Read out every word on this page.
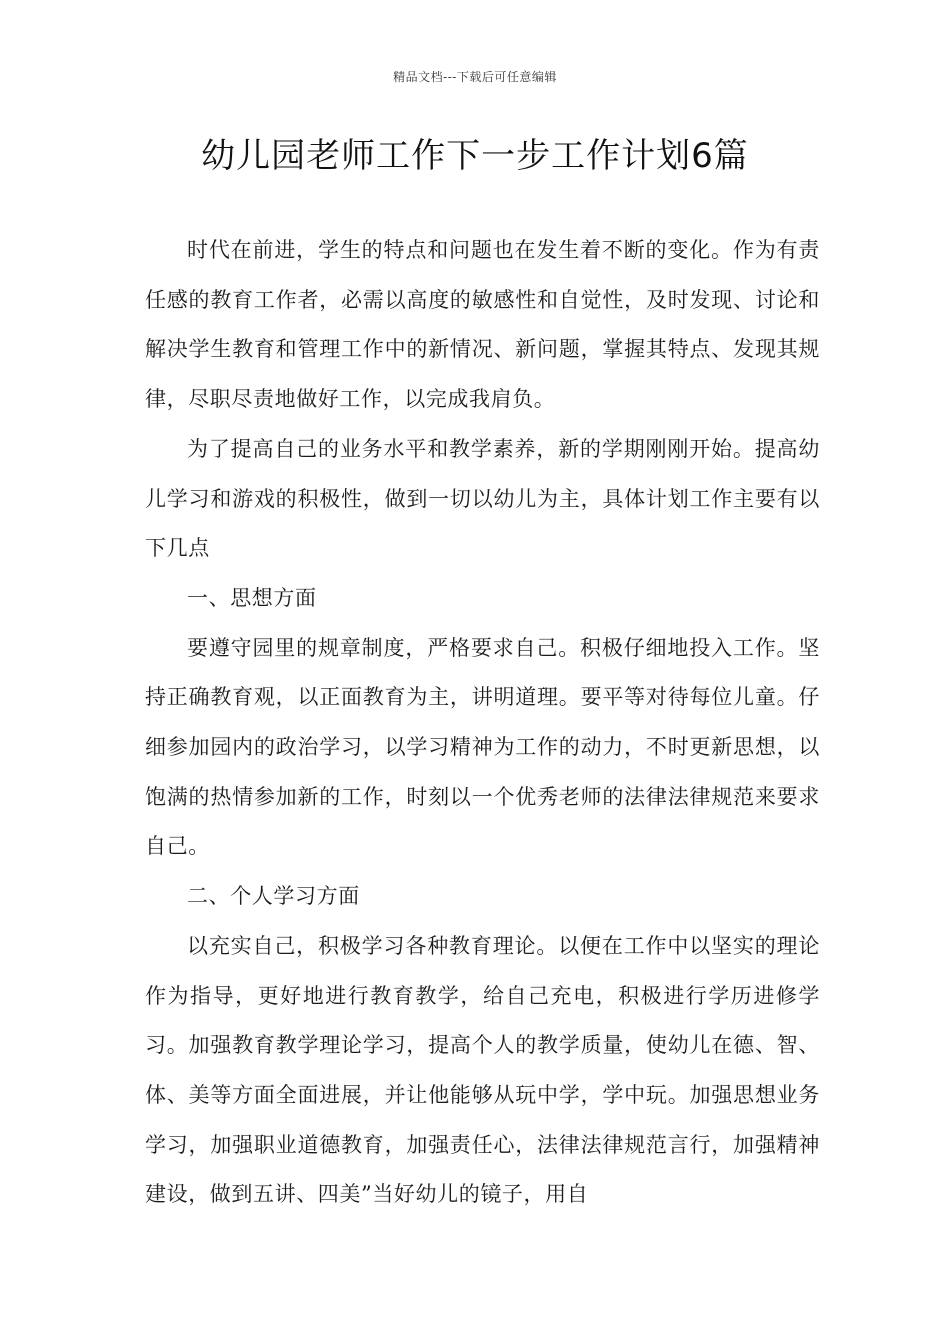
精品文档---下载后可任意编辑
幼儿园老师工作下一步工作计划6篇

时代在前进，学生的特点和问题也在发生着不断的变化。作为有责任感的教育工作者，必需以高度的敏感性和自觉性，及时发现、讨论和解决学生教育和管理工作中的新情况、新问题，掌握其特点、发现其规律，尽职尽责地做好工作，以完成我肩负。

为了提高自己的业务水平和教学素养，新的学期刚刚开始。提高幼儿学习和游戏的积极性，做到一切以幼儿为主，具体计划工作主要有以下几点

一、思想方面

要遵守园里的规章制度，严格要求自己。积极仔细地投入工作。坚持正确教育观，以正面教育为主，讲明道理。要平等对待每位儿童。仔细参加园内的政治学习，以学习精神为工作的动力，不时更新思想，以饱满的热情参加新的工作，时刻以一个优秀老师的法律法律规范来要求自己。

二、个人学习方面

以充实自己，积极学习各种教育理论。以便在工作中以坚实的理论作为指导，更好地进行教育教学，给自己充电，积极进行学历进修学习。加强教育教学理论学习，提高个人的教学质量，使幼儿在德、智、体、美等方面全面进展，并让他能够从玩中学，学中玩。加强思想业务学习，加强职业道德教育，加强责任心，法律法律规范言行，加强精神建设，做到五讲、四美”当好幼儿的镜子，用自
